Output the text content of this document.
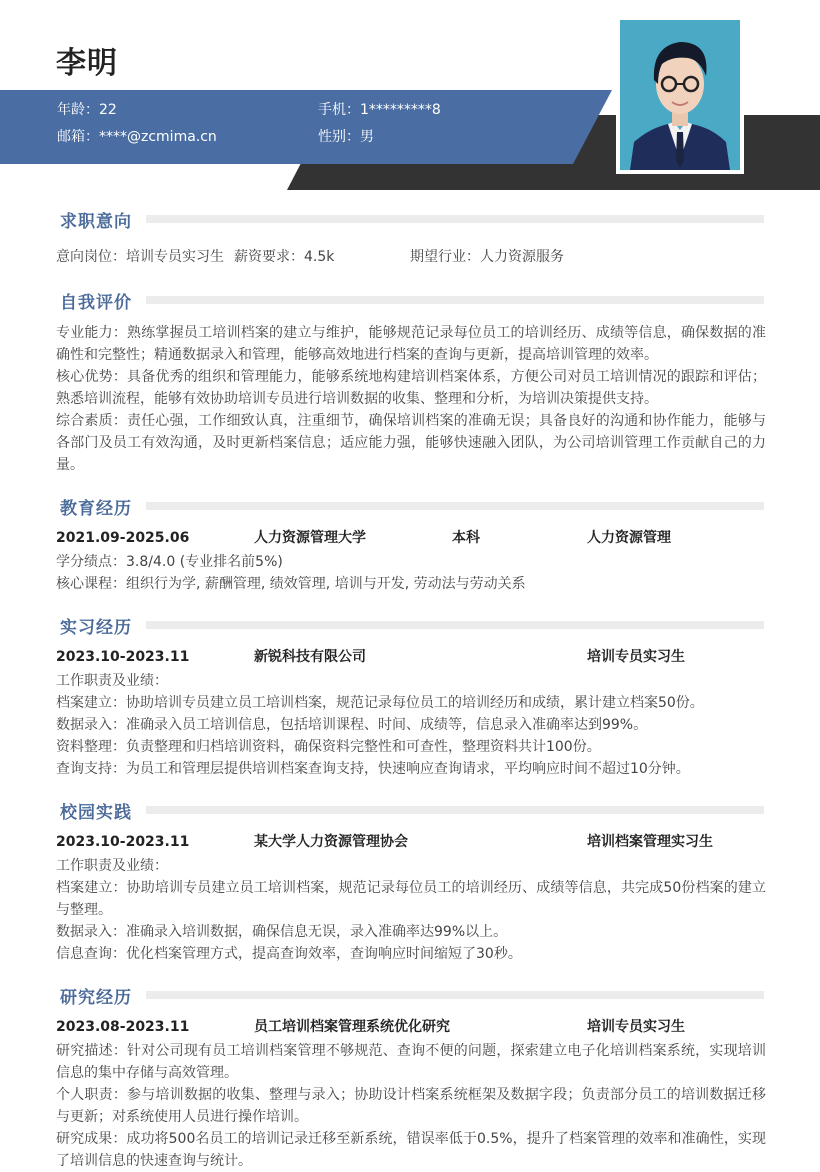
李明
年龄：22	手机：1*********8
邮箱：****@zcmima.cn	性别：男
求职意向
意向岗位：培训专员实习生 薪资要求：4.5k	期望行业：人力资源服务
自我评价
专业能力：熟练掌握员工培训档案的建立与维护，能够规范记录每位员工的培训经历、成绩等信息，确保数据的准确性和完整性；精通数据录入和管理，能够高效地进行档案的查询与更新，提高培训管理的效率。
核心优势：具备优秀的组织和管理能力，能够系统地构建培训档案体系，方便公司对员工培训情况的跟踪和评估；熟悉培训流程，能够有效协助培训专员进行培训数据的收集、整理和分析，为培训决策提供支持。
综合素质：责任心强，工作细致认真，注重细节，确保培训档案的准确无误；具备良好的沟通和协作能力，能够与各部门及员工有效沟通，及时更新档案信息；适应能力强，能够快速融入团队，为公司培训管理工作贡献自己的力量。
教育经历
2021.09-2025.06	人力资源管理大学	本科	人力资源管理
学分绩点：3.8/4.0 (专业排名前5%)
核心课程：组织行为学, 薪酬管理, 绩效管理, 培训与开发, 劳动法与劳动关系
实习经历
2023.10-2023.11	新锐科技有限公司	培训专员实习生
工作职责及业绩：
档案建立：协助培训专员建立员工培训档案，规范记录每位员工的培训经历和成绩，累计建立档案50份。
数据录入：准确录入员工培训信息，包括培训课程、时间、成绩等，信息录入准确率达到99%。
资料整理：负责整理和归档培训资料，确保资料完整性和可查性，整理资料共计100份。
查询支持：为员工和管理层提供培训档案查询支持，快速响应查询请求，平均响应时间不超过10分钟。
校园实践
2023.10-2023.11	某大学人力资源管理协会	培训档案管理实习生
工作职责及业绩：
档案建立：协助培训专员建立员工培训档案，规范记录每位员工的培训经历、成绩等信息，共完成50份档案的建立与整理。
数据录入：准确录入培训数据，确保信息无误，录入准确率达99%以上。
信息查询：优化档案管理方式，提高查询效率，查询响应时间缩短了30秒。
研究经历
2023.08-2023.11	员工培训档案管理系统优化研究	培训专员实习生
研究描述：针对公司现有员工培训档案管理不够规范、查询不便的问题，探索建立电子化培训档案系统，实现培训信息的集中存储与高效管理。
个人职责：参与培训数据的收集、整理与录入；协助设计档案系统框架及数据字段；负责部分员工的培训数据迁移与更新；对系统使用人员进行操作培训。
研究成果：成功将500名员工的培训记录迁移至新系统，错误率低于0.5%，提升了档案管理的效率和准确性，实现了培训信息的快速查询与统计。
